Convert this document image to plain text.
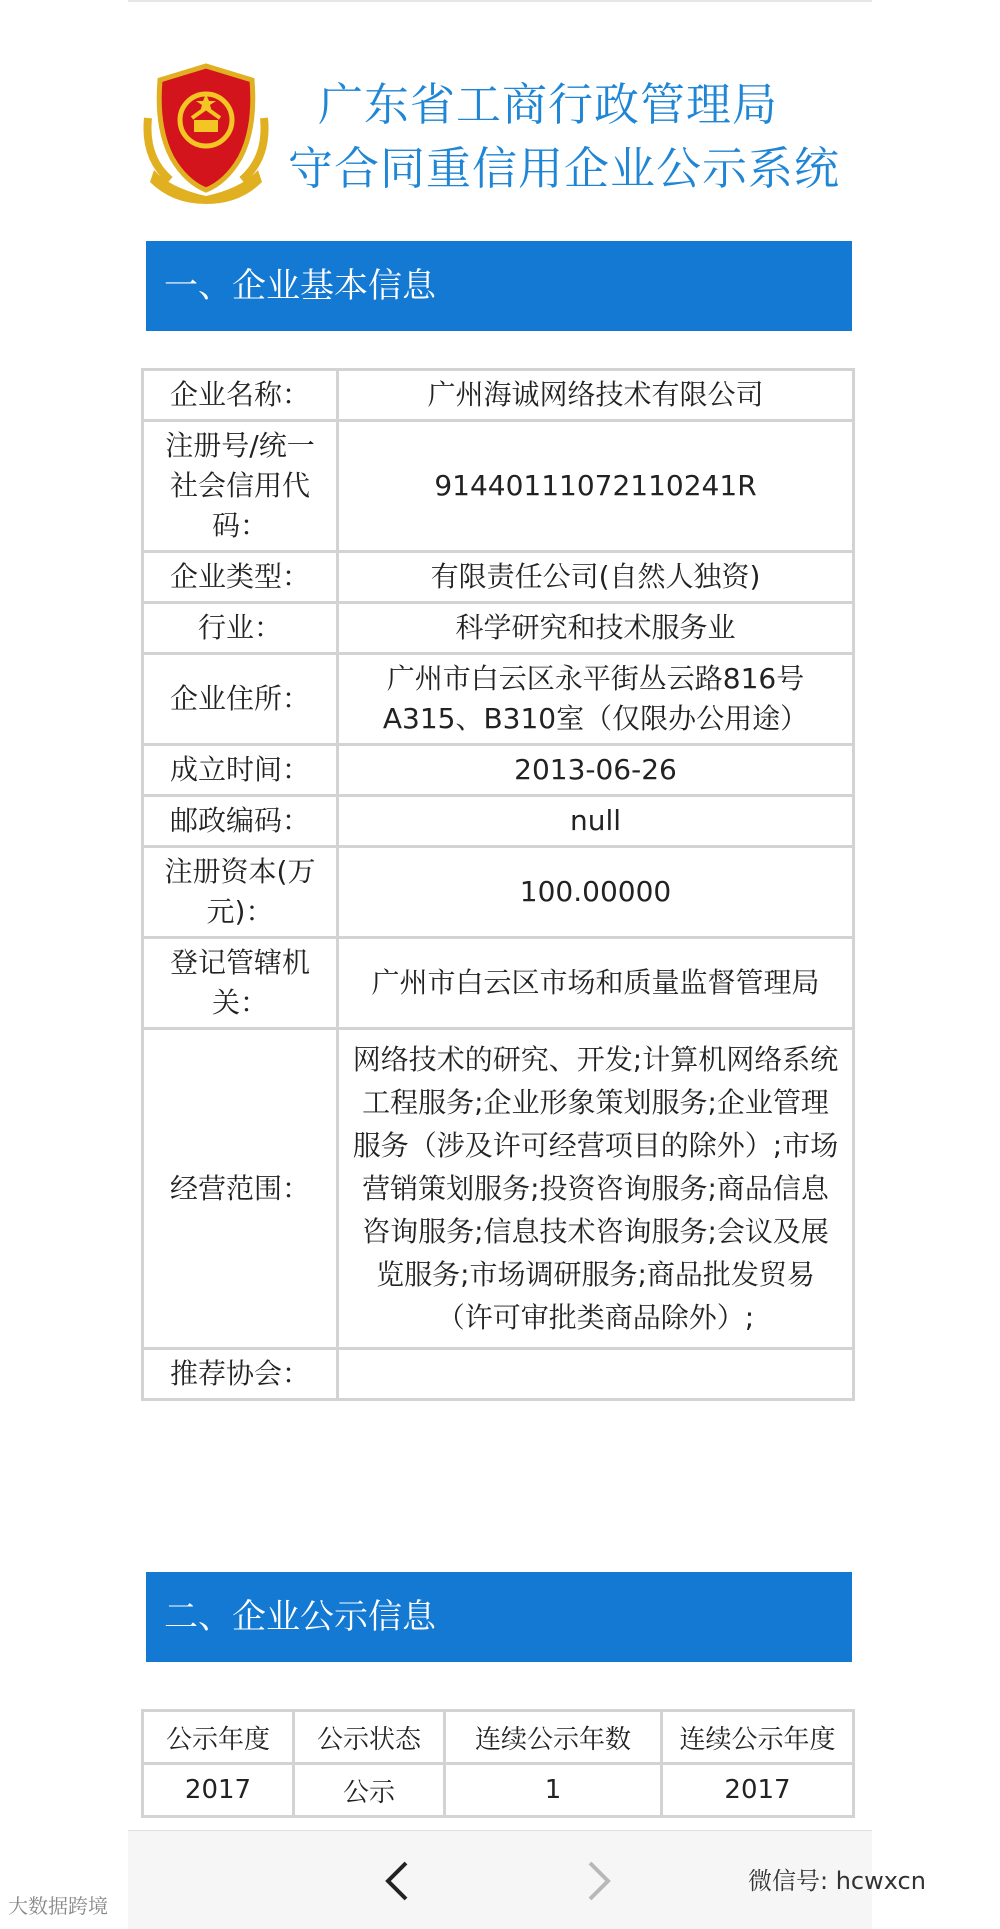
广东省工商行政管理局
守合同重信用企业公示系统
一、企业基本信息
企业名称：	广州海诚网络技术有限公司
注册号/统一社会信用代码：	91440111072110241R
企业类型：	有限责任公司(自然人独资)
行业：	科学研究和技术服务业
企业住所：	广州市白云区永平街丛云路816号A315、B310室（仅限办公用途）
成立时间：	2013-06-26
邮政编码：	null
注册资本(万元)：	100.00000
登记管辖机关：	广州市白云区市场和质量监督管理局
经营范围：	网络技术的研究、开发;计算机网络系统工程服务;企业形象策划服务;企业管理服务（涉及许可经营项目的除外）;市场营销策划服务;投资咨询服务;商品信息咨询服务;信息技术咨询服务;会议及展览服务;市场调研服务;商品批发贸易（许可审批类商品除外）;
推荐协会：	
二、企业公示信息
公示年度	公示状态	连续公示年数	连续公示年度
2017	公示	1	2017
微信号: hcwxcn
大数据跨境
